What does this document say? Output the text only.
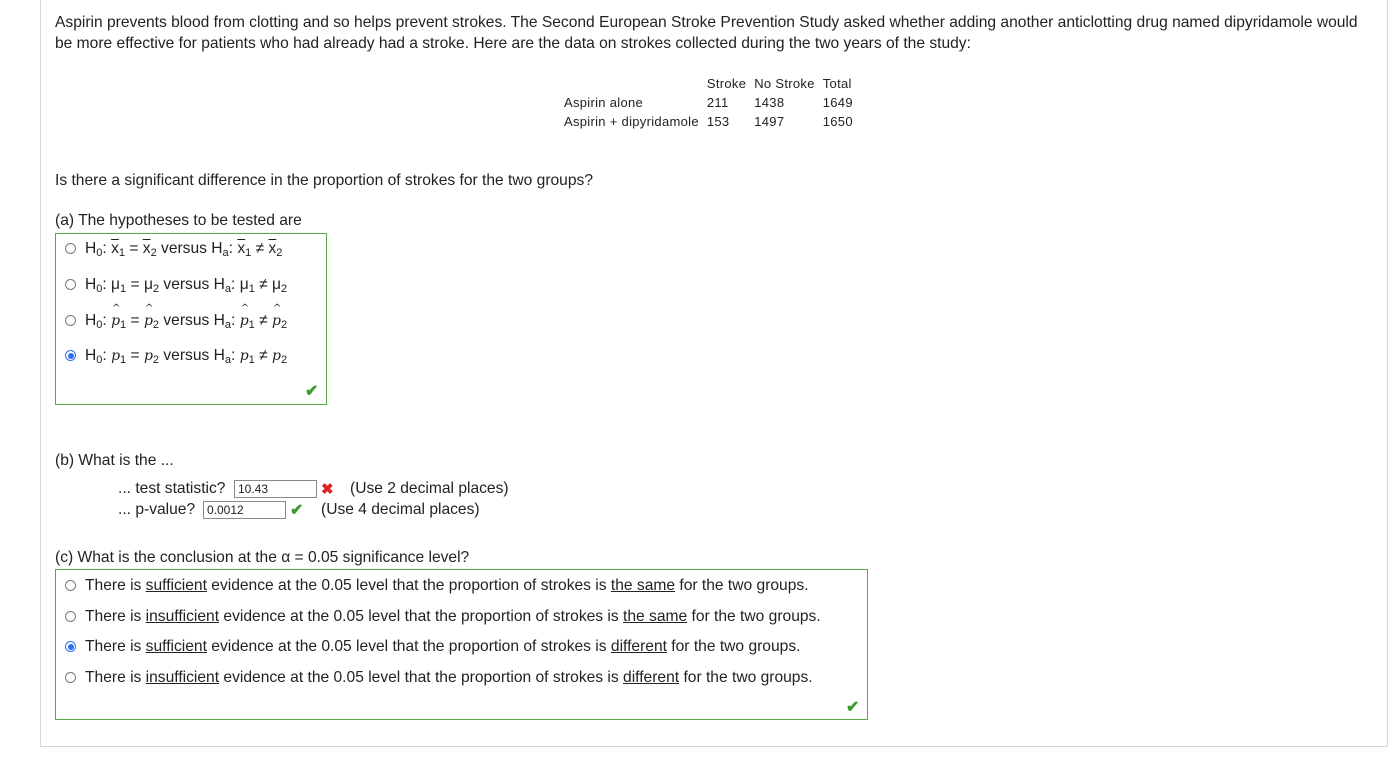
Aspirin prevents blood from clotting and so helps prevent strokes. The Second European Stroke Prevention Study asked whether adding another anticlotting drug named dipyridamole would be more effective for patients who had already had a stroke. Here are the data on strokes collected during the two years of the study:
	Stroke	No Stroke	Total
Aspirin alone	211	1438	1649
Aspirin + dipyridamole	153	1497	1650
Is there a significant difference in the proportion of strokes for the two groups?
(a) The hypotheses to be tested are
$H_0$: $\overline{x}_1 = \overline{x}_2$ versus $H_a$: $\overline{x}_1 \ne \overline{x}_2$
$H_0$: $\mu_1 = \mu_2$ versus $H_a$: $\mu_1 \ne \mu_2$
$H_0$: ^ $p_1$ = ^ $p_2$ versus $H_a$: ^ $p_1$ ≠ ^ $p_2$
$H_0$: $p_1 = p_2$ versus $H_a$: $p_1 \ne p_2$
✔
(b) What is the ...
... test statistic?
10.43	✖ (Use 2 decimal places)
... p-value?
0.0012	✔ (Use 4 decimal places)
(c) What is the conclusion at the α = 0.05 significance level?
There is sufficient evidence at the 0.05 level that the proportion of strokes is the same for the two groups.
There is insufficient evidence at the 0.05 level that the proportion of strokes is the same for the two groups.
There is sufficient evidence at the 0.05 level that the proportion of strokes is different for the two groups.
There is insufficient evidence at the 0.05 level that the proportion of strokes is different for the two groups.
✔
